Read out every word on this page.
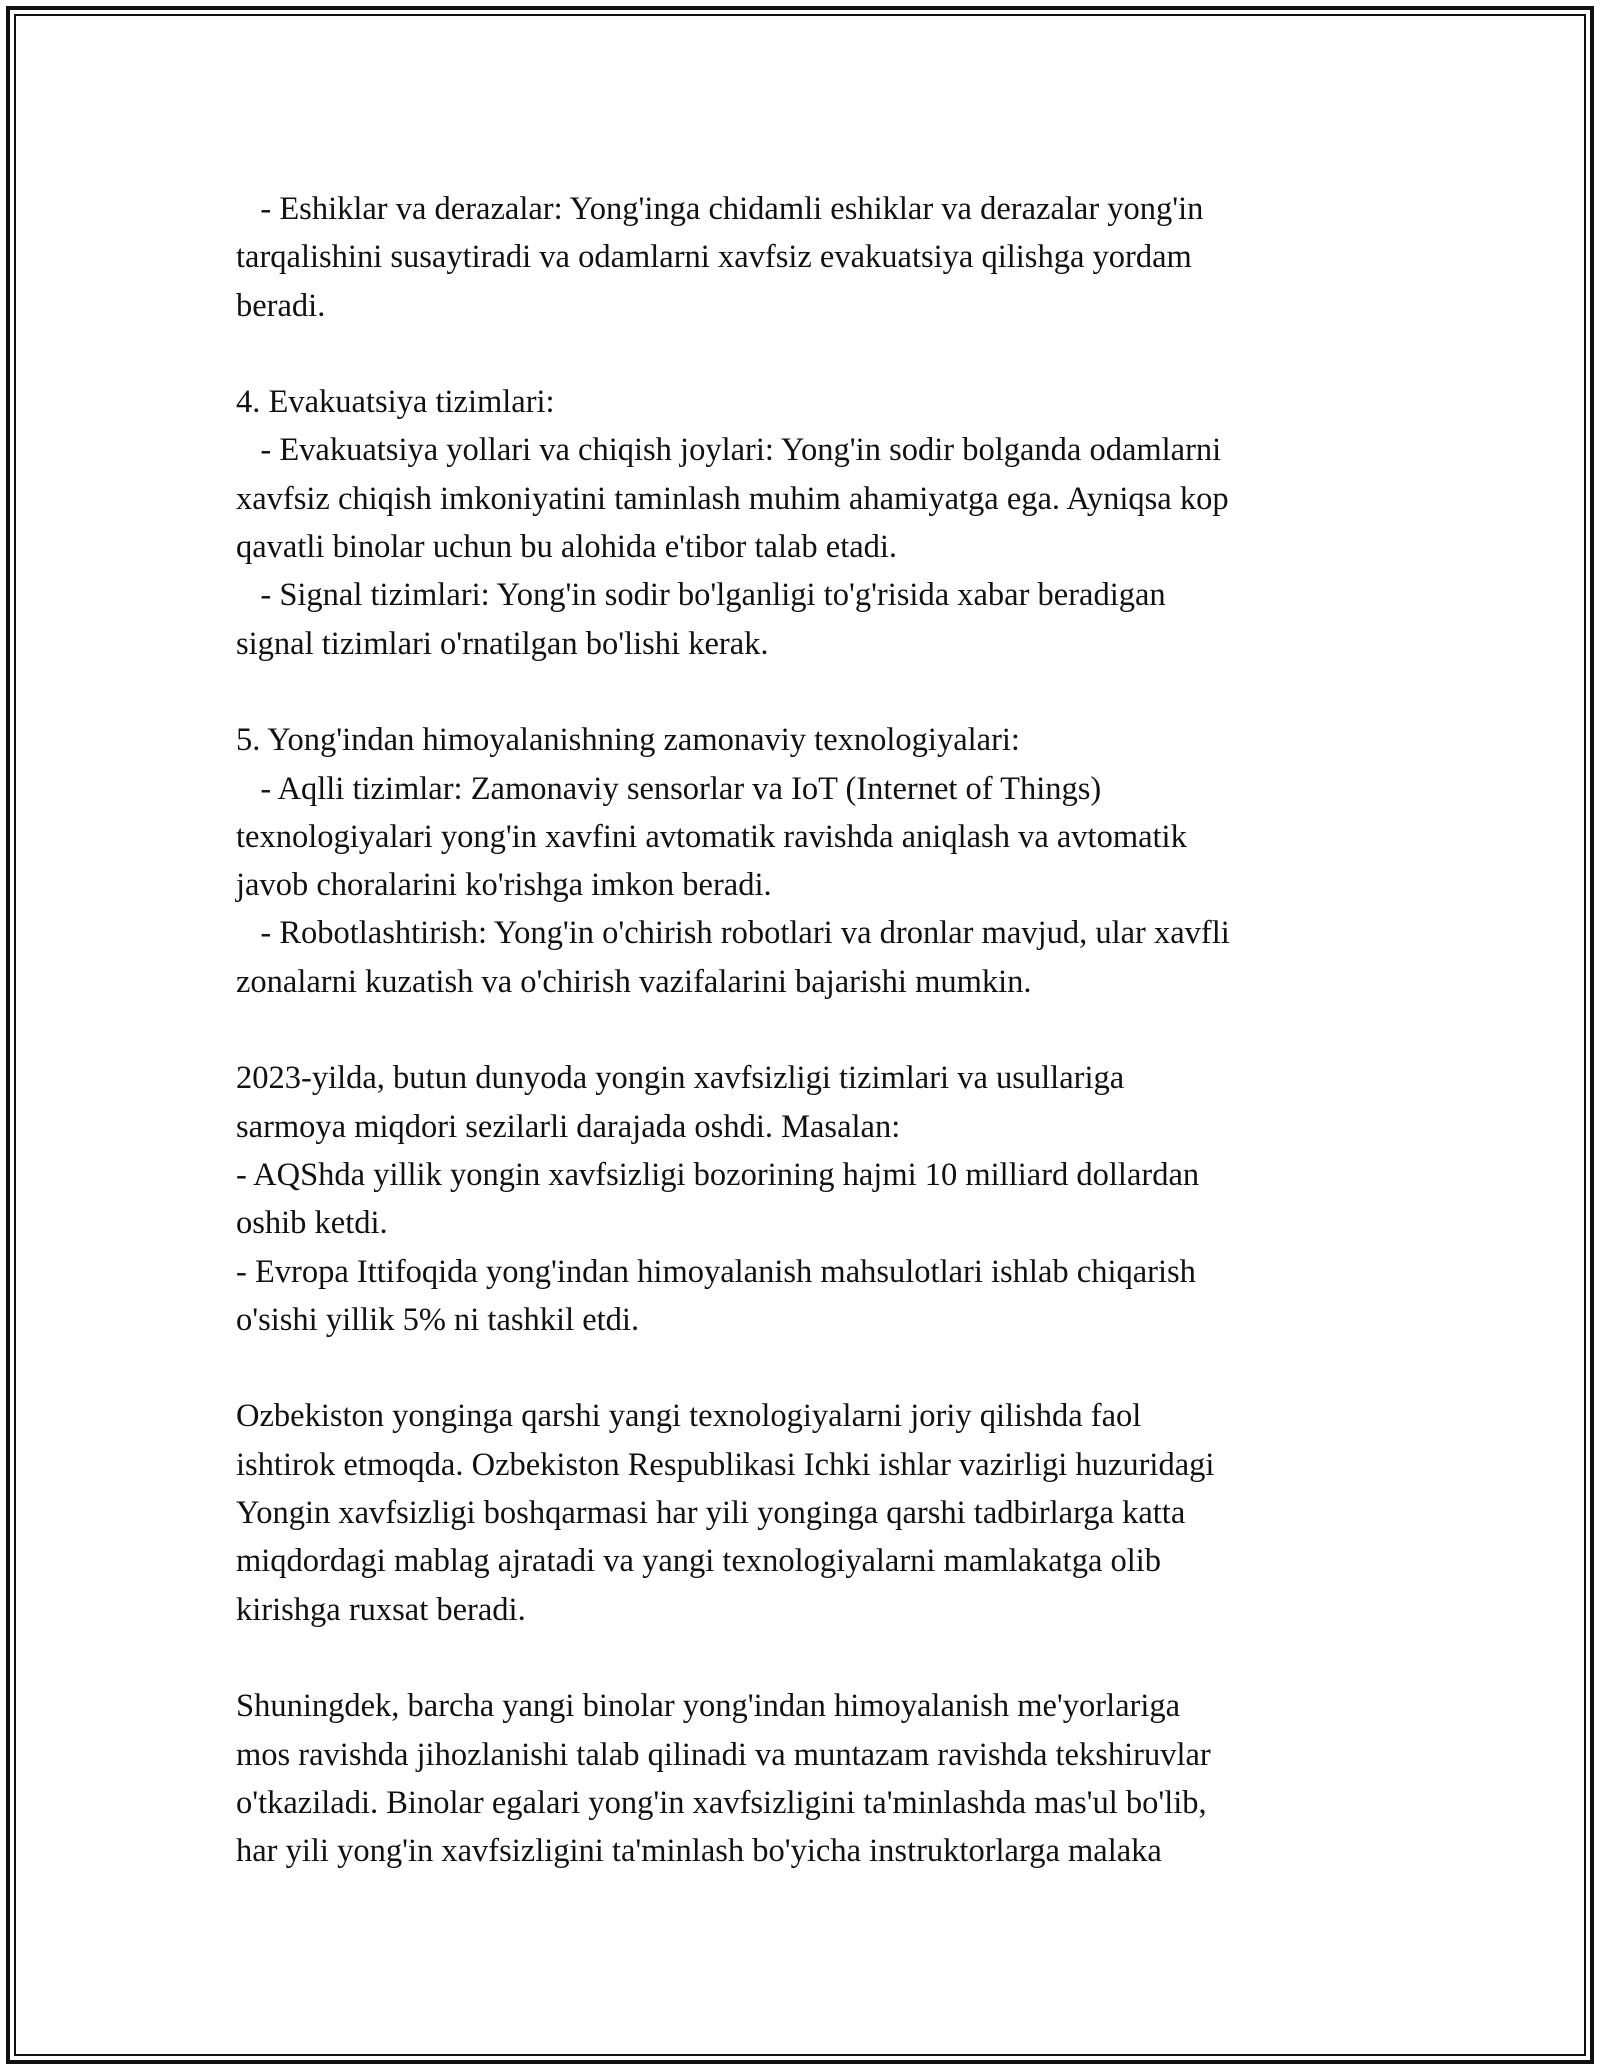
- Eshiklar va derazalar: Yong'inga chidamli eshiklar va derazalar yong'in
tarqalishini susaytiradi va odamlarni xavfsiz evakuatsiya qilishga yordam
beradi.
4. Evakuatsiya tizimlari:
- Evakuatsiya yollari va chiqish joylari: Yong'in sodir bolganda odamlarni
xavfsiz chiqish imkoniyatini taminlash muhim ahamiyatga ega. Ayniqsa kop
qavatli binolar uchun bu alohida e'tibor talab etadi.
- Signal tizimlari: Yong'in sodir bo'lganligi to'g'risida xabar beradigan
signal tizimlari o'rnatilgan bo'lishi kerak.
5. Yong'indan himoyalanishning zamonaviy texnologiyalari:
- Aqlli tizimlar: Zamonaviy sensorlar va IoT (Internet of Things)
texnologiyalari yong'in xavfini avtomatik ravishda aniqlash va avtomatik
javob choralarini ko'rishga imkon beradi.
- Robotlashtirish: Yong'in o'chirish robotlari va dronlar mavjud, ular xavfli
zonalarni kuzatish va o'chirish vazifalarini bajarishi mumkin.
2023-yilda, butun dunyoda yongin xavfsizligi tizimlari va usullariga
sarmoya miqdori sezilarli darajada oshdi. Masalan:
- AQShda yillik yongin xavfsizligi bozorining hajmi 10 milliard dollardan
oshib ketdi.
- Evropa Ittifoqida yong'indan himoyalanish mahsulotlari ishlab chiqarish
o'sishi yillik 5% ni tashkil etdi.
Ozbekiston yonginga qarshi yangi texnologiyalarni joriy qilishda faol
ishtirok etmoqda. Ozbekiston Respublikasi Ichki ishlar vazirligi huzuridagi
Yongin xavfsizligi boshqarmasi har yili yonginga qarshi tadbirlarga katta
miqdordagi mablag ajratadi va yangi texnologiyalarni mamlakatga olib
kirishga ruxsat beradi.
Shuningdek, barcha yangi binolar yong'indan himoyalanish me'yorlariga
mos ravishda jihozlanishi talab qilinadi va muntazam ravishda tekshiruvlar
o'tkaziladi. Binolar egalari yong'in xavfsizligini ta'minlashda mas'ul bo'lib,
har yili yong'in xavfsizligini ta'minlash bo'yicha instruktorlarga malaka
